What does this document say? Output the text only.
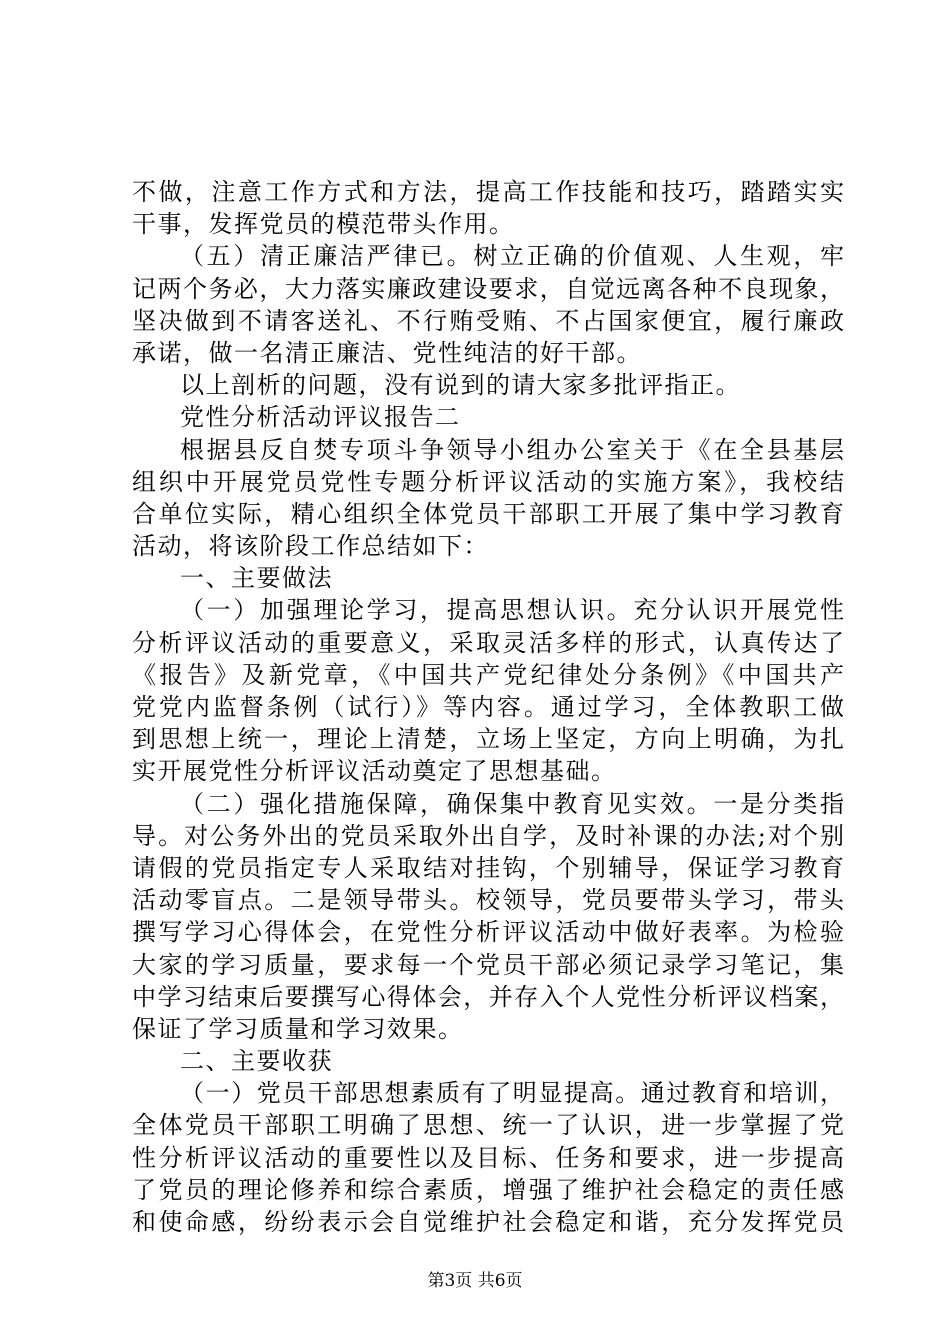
不做，注意工作方式和方法，提高工作技能和技巧，踏踏实实
干事，发挥党员的模范带头作用。
（五）清正廉洁严律已。树立正确的价值观、人生观，牢
记两个务必，大力落实廉政建设要求，自觉远离各种不良现象，
坚决做到不请客送礼、不行贿受贿、不占国家便宜，履行廉政
承诺，做一名清正廉洁、党性纯洁的好干部。
以上剖析的问题，没有说到的请大家多批评指正。
党性分析活动评议报告二
根据县反自焚专项斗争领导小组办公室关于《在全县基层
组织中开展党员党性专题分析评议活动的实施方案》，我校结
合单位实际，精心组织全体党员干部职工开展了集中学习教育
活动，将该阶段工作总结如下：
一、主要做法
（一）加强理论学习，提高思想认识。充分认识开展党性
分析评议活动的重要意义，采取灵活多样的形式，认真传达了
《报告》及新党章，《中国共产党纪律处分条例》《中国共产
党党内监督条例（试行）》等内容。通过学习，全体教职工做
到思想上统一，理论上清楚，立场上坚定，方向上明确，为扎
实开展党性分析评议活动奠定了思想基础。
（二）强化措施保障，确保集中教育见实效。一是分类指
导。对公务外出的党员采取外出自学，及时补课的办法;对个别
请假的党员指定专人采取结对挂钩，个别辅导，保证学习教育
活动零盲点。二是领导带头。校领导，党员要带头学习，带头
撰写学习心得体会，在党性分析评议活动中做好表率。为检验
大家的学习质量，要求每一个党员干部必须记录学习笔记，集
中学习结束后要撰写心得体会，并存入个人党性分析评议档案，
保证了学习质量和学习效果。
二、主要收获
（一）党员干部思想素质有了明显提高。通过教育和培训，
全体党员干部职工明确了思想、统一了认识，进一步掌握了党
性分析评议活动的重要性以及目标、任务和要求，进一步提高
了党员的理论修养和综合素质，增强了维护社会稳定的责任感
和使命感，纷纷表示会自觉维护社会稳定和谐，充分发挥党员
第3页 共6页
